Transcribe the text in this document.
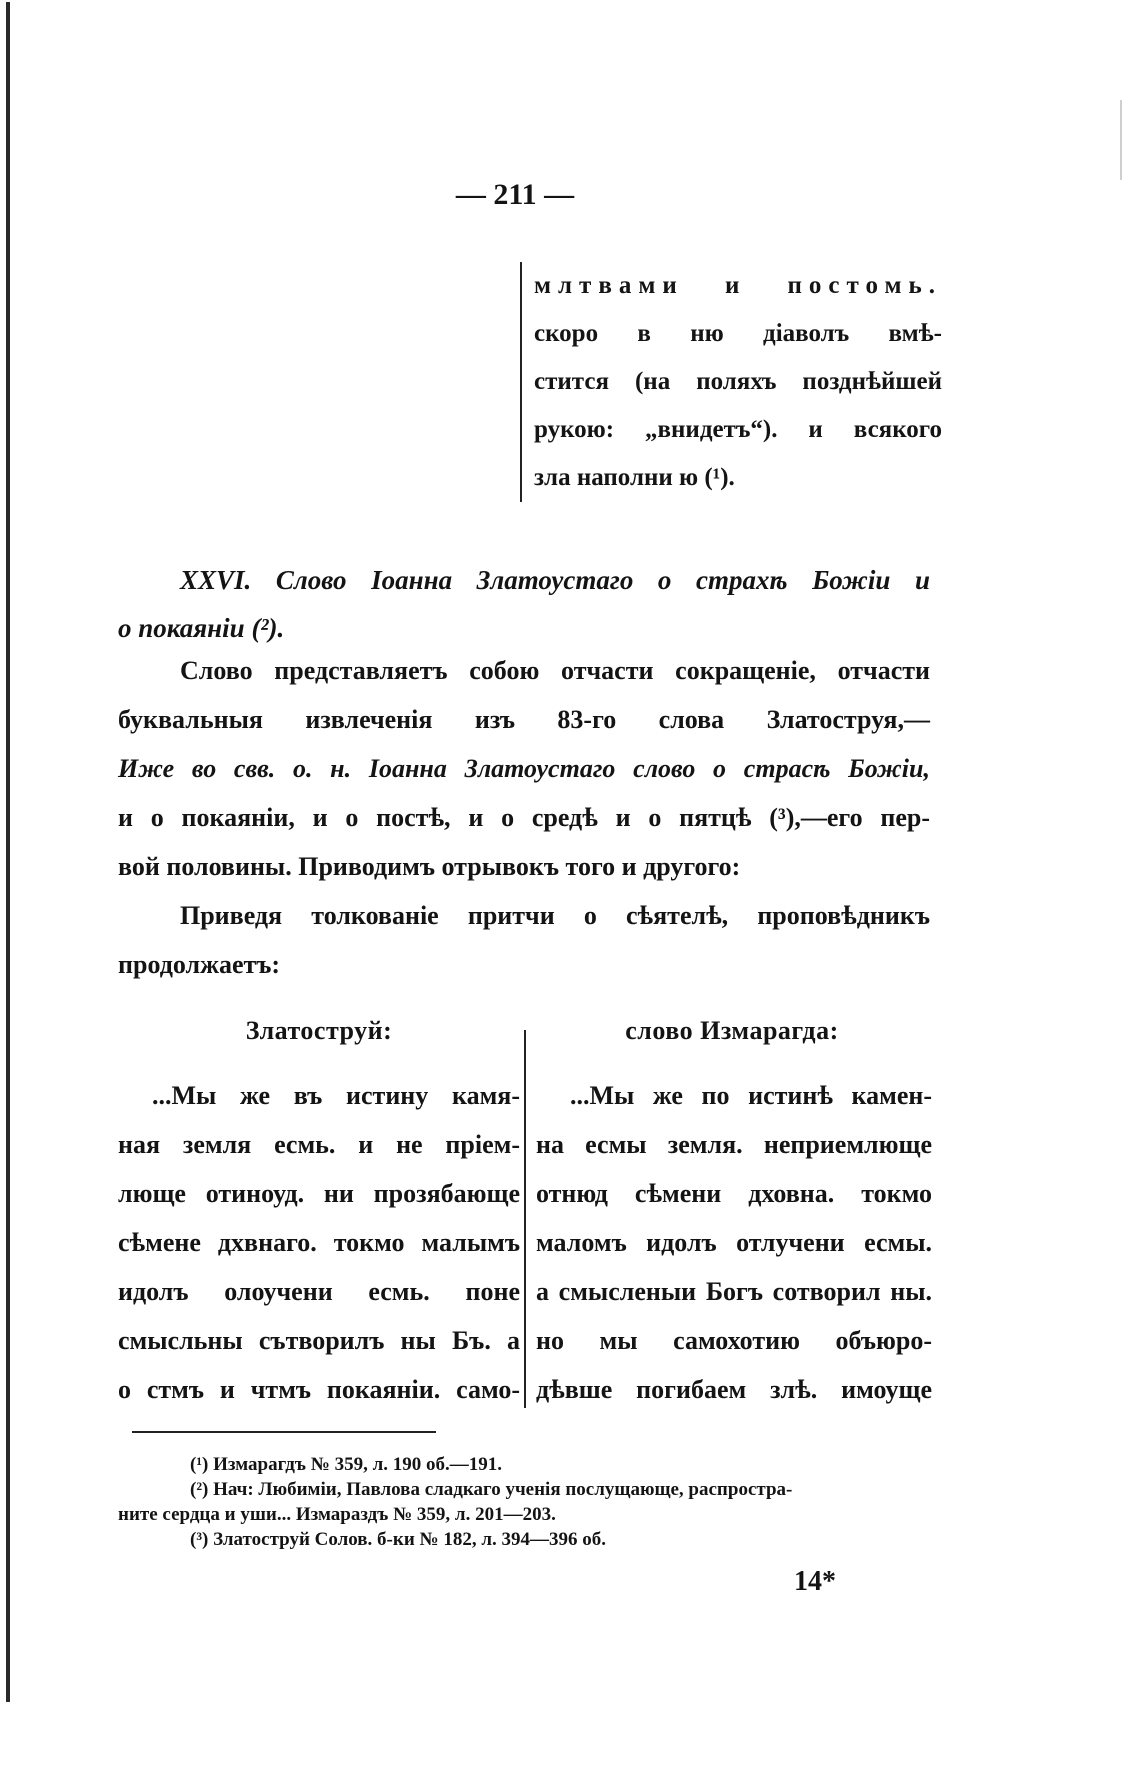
— 211 —
млтвами и постомь.
скоро в ню діаволъ вмѣ-
стится (на поляхъ позднѣйшей
рукою: „внидетъ“). и всякого
зла наполни ю (¹).
XXVI. Слово Іоанна Златоустаго о страхѣ Божіи и
о покаяніи (²).
Слово представляетъ собою отчасти сокращеніе, отчасти
буквальныя извлеченія изъ 83-го слова Златоструя,—
Иже во свв. о. н. Іоанна Златоустаго слово о страсѣ Божіи,
и о покаяніи, и о постѣ, и о средѣ и о пятцѣ (³),—его пер-
вой половины. Приводимъ отрывокъ того и другого:
Приведя толкованіе притчи о сѣятелѣ, проповѣдникъ
продолжаетъ:
Златоструй:	слово Измарагда:
...Мы же въ истину камя-
ная земля есмь. и не пріем-
люще отиноуд. ни прозябающе
сѣмене дхвнаго. токмо малымъ
идолъ олоучени есмь. поне
смысльны сътворилъ ны Бъ. а
о стмъ и чтмъ покаяніи. само-
...Мы же по истинѣ камен-
на есмы земля. неприемлюще
отнюд сѣмени дховна. токмо
маломъ идолъ отлучени есмы.
а смысленыи Богъ сотворил ны.
но мы самохотию объюро-
дѣвше погибаем злѣ. имоуще
(¹) Измарагдъ № 359, л. 190 об.—191.
(²) Нач: Любиміи, Павлова сладкаго ученія послущающе, распростра-
ните сердца и уши... Измараздъ № 359, л. 201—203.
(³) Златоструй Солов. б-ки № 182, л. 394—396 об.
14*
